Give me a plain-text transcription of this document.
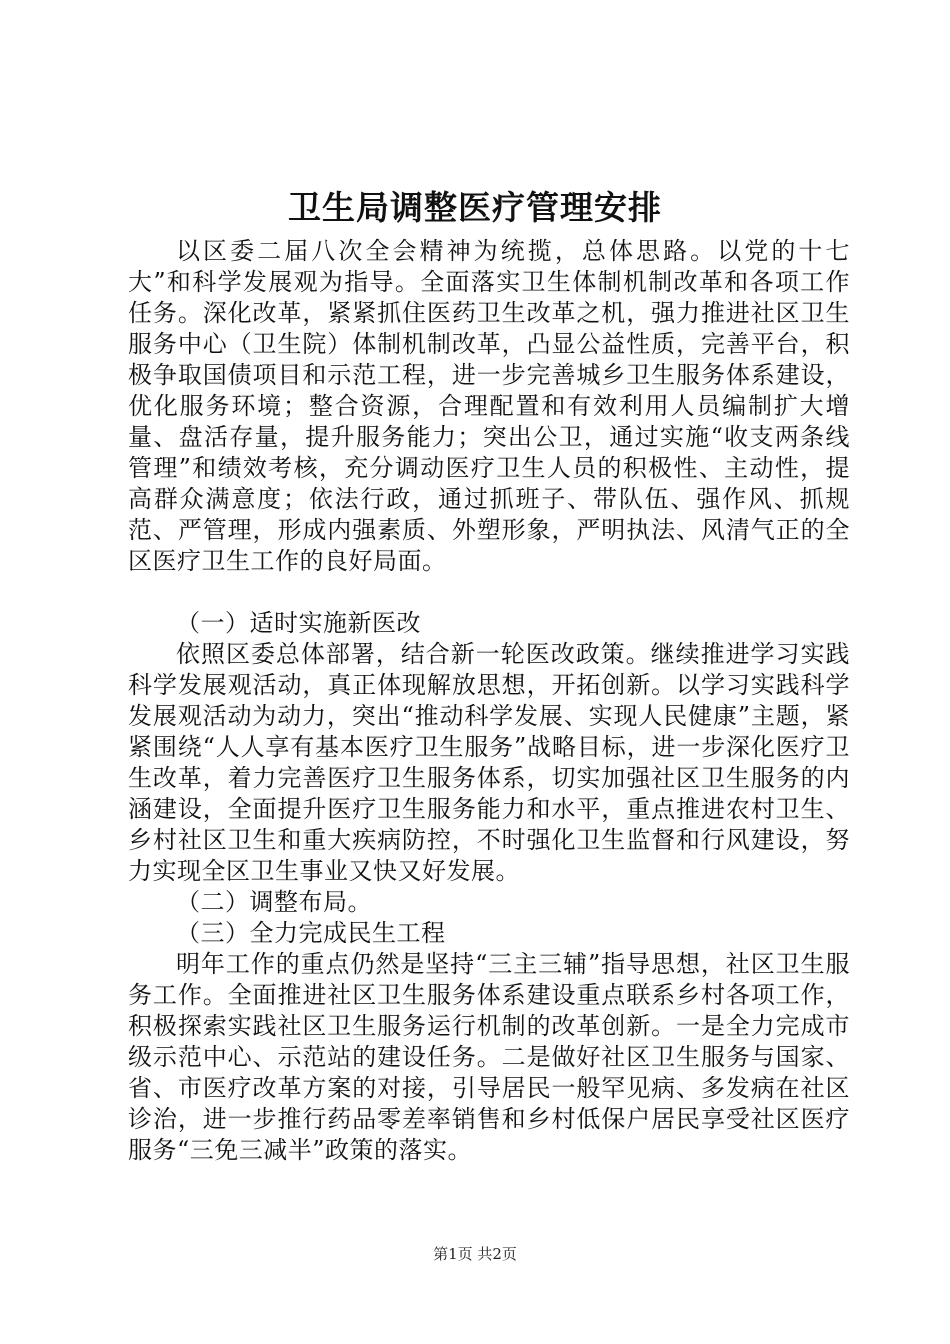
卫生局调整医疗管理安排

以区委二届八次全会精神为统揽，总体思路。以党的十七大”和科学发展观为指导。全面落实卫生体制机制改革和各项工作任务。深化改革，紧紧抓住医药卫生改革之机，强力推进社区卫生服务中心（卫生院）体制机制改革，凸显公益性质，完善平台，积极争取国债项目和示范工程，进一步完善城乡卫生服务体系建设，优化服务环境；整合资源，合理配置和有效利用人员编制扩大增量、盘活存量，提升服务能力；突出公卫，通过实施“收支两条线管理”和绩效考核，充分调动医疗卫生人员的积极性、主动性，提高群众满意度；依法行政，通过抓班子、带队伍、强作风、抓规范、严管理，形成内强素质、外塑形象，严明执法、风清气正的全区医疗卫生工作的良好局面。

（一）适时实施新医改

依照区委总体部署，结合新一轮医改政策。继续推进学习实践科学发展观活动，真正体现解放思想，开拓创新。以学习实践科学发展观活动为动力，突出“推动科学发展、实现人民健康”主题，紧紧围绕“人人享有基本医疗卫生服务”战略目标，进一步深化医疗卫生改革，着力完善医疗卫生服务体系，切实加强社区卫生服务的内涵建设，全面提升医疗卫生服务能力和水平，重点推进农村卫生、乡村社区卫生和重大疾病防控，不时强化卫生监督和行风建设，努力实现全区卫生事业又快又好发展。

（二）调整布局。

（三）全力完成民生工程

明年工作的重点仍然是坚持“三主三辅”指导思想，社区卫生服务工作。全面推进社区卫生服务体系建设重点联系乡村各项工作，积极探索实践社区卫生服务运行机制的改革创新。一是全力完成市级示范中心、示范站的建设任务。二是做好社区卫生服务与国家、省、市医疗改革方案的对接，引导居民一般罕见病、多发病在社区诊治，进一步推行药品零差率销售和乡村低保户居民享受社区医疗服务“三免三减半”政策的落实。

第1页 共2页
